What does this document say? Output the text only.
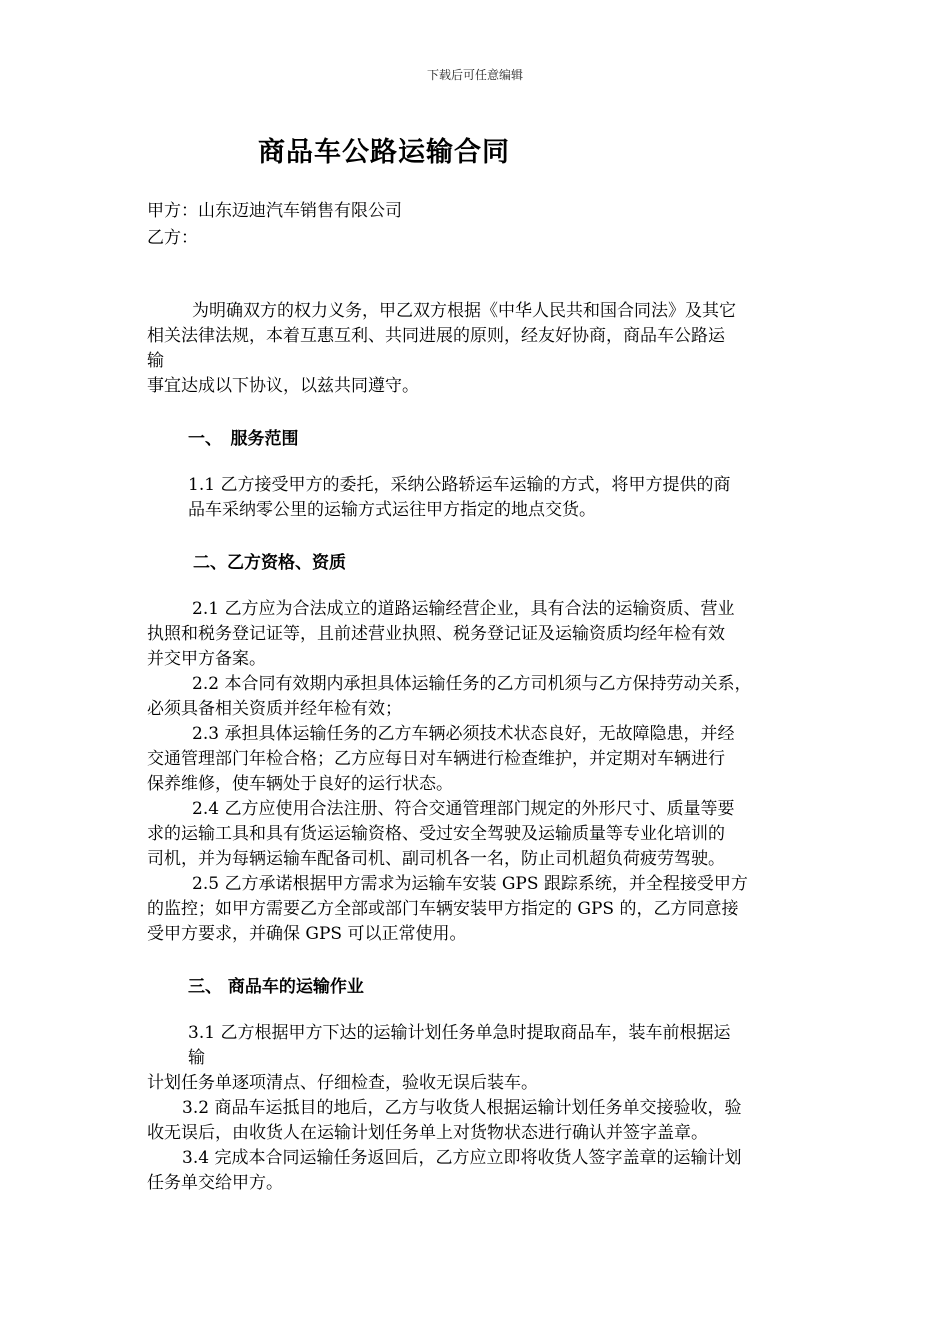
下载后可任意编辑
商品车公路运输合同
甲方：山东迈迪汽车销售有限公司
乙方：
为明确双方的权力义务，甲乙双方根据《中华人民共和国合同法》及其它
相关法律法规，本着互惠互利、共同进展的原则，经友好协商，商品车公路运
输
事宜达成以下协议，以兹共同遵守。
一、　服务范围
1.1 乙方接受甲方的委托，采纳公路轿运车运输的方式，将甲方提供的商
品车采纳零公里的运输方式运往甲方指定的地点交货。
二、乙方资格、资质
2.1 乙方应为合法成立的道路运输经营企业，具有合法的运输资质、营业
执照和税务登记证等，且前述营业执照、税务登记证及运输资质均经年检有效
并交甲方备案。
2.2 本合同有效期内承担具体运输任务的乙方司机须与乙方保持劳动关系，
必须具备相关资质并经年检有效；
2.3 承担具体运输任务的乙方车辆必须技术状态良好，无故障隐患，并经
交通管理部门年检合格；乙方应每日对车辆进行检查维护，并定期对车辆进行
保养维修，使车辆处于良好的运行状态。
2.4 乙方应使用合法注册、符合交通管理部门规定的外形尺寸、质量等要
求的运输工具和具有货运运输资格、受过安全驾驶及运输质量等专业化培训的
司机，并为每辆运输车配备司机、副司机各一名，防止司机超负荷疲劳驾驶。
2.5 乙方承诺根据甲方需求为运输车安装 GPS 跟踪系统，并全程接受甲方
的监控；如甲方需要乙方全部或部门车辆安装甲方指定的 GPS 的，乙方同意接
受甲方要求，并确保 GPS 可以正常使用。
三、 商品车的运输作业
3.1 乙方根据甲方下达的运输计划任务单急时提取商品车，装车前根据运
输
计划任务单逐项清点、仔细检查，验收无误后装车。
3.2 商品车运抵目的地后，乙方与收货人根据运输计划任务单交接验收，验
收无误后，由收货人在运输计划任务单上对货物状态进行确认并签字盖章。
3.4 完成本合同运输任务返回后，乙方应立即将收货人签字盖章的运输计划
任务单交给甲方。
